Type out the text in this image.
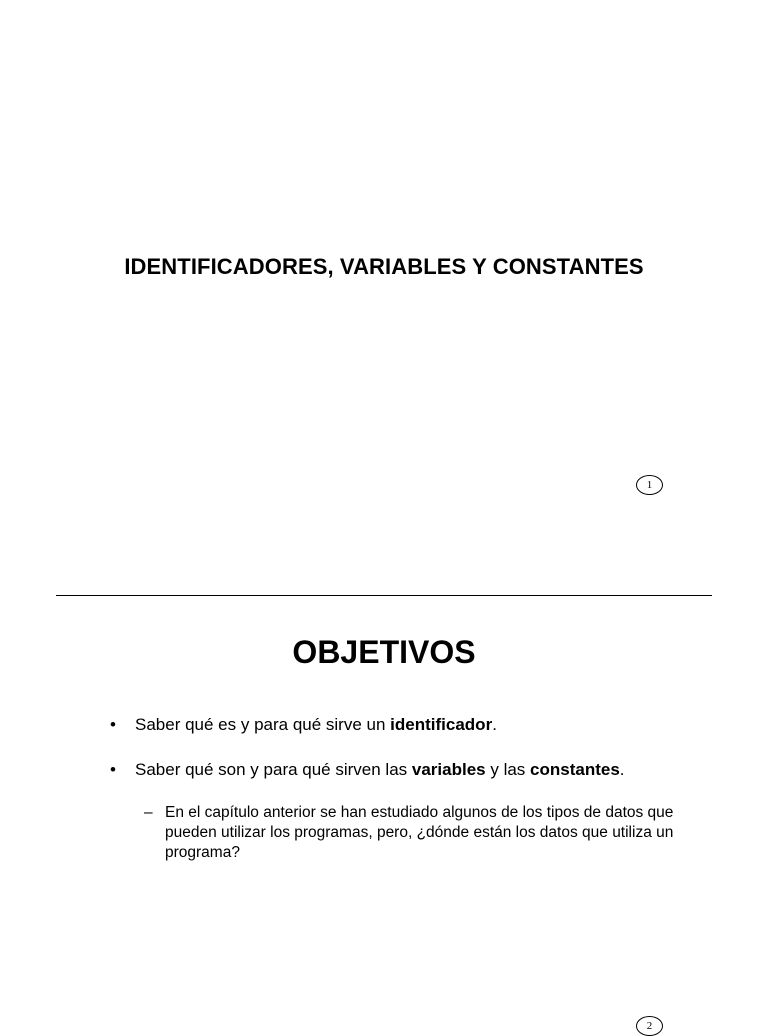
IDENTIFICADORES, VARIABLES Y CONSTANTES
1
OBJETIVOS
• Saber qué es y para qué sirve un identificador.
• Saber qué son y para qué sirven las variables y las constantes.
– En el capítulo anterior se han estudiado algunos de los tipos de datos que pueden utilizar los programas, pero, ¿dónde están los datos que utiliza un programa?
2
